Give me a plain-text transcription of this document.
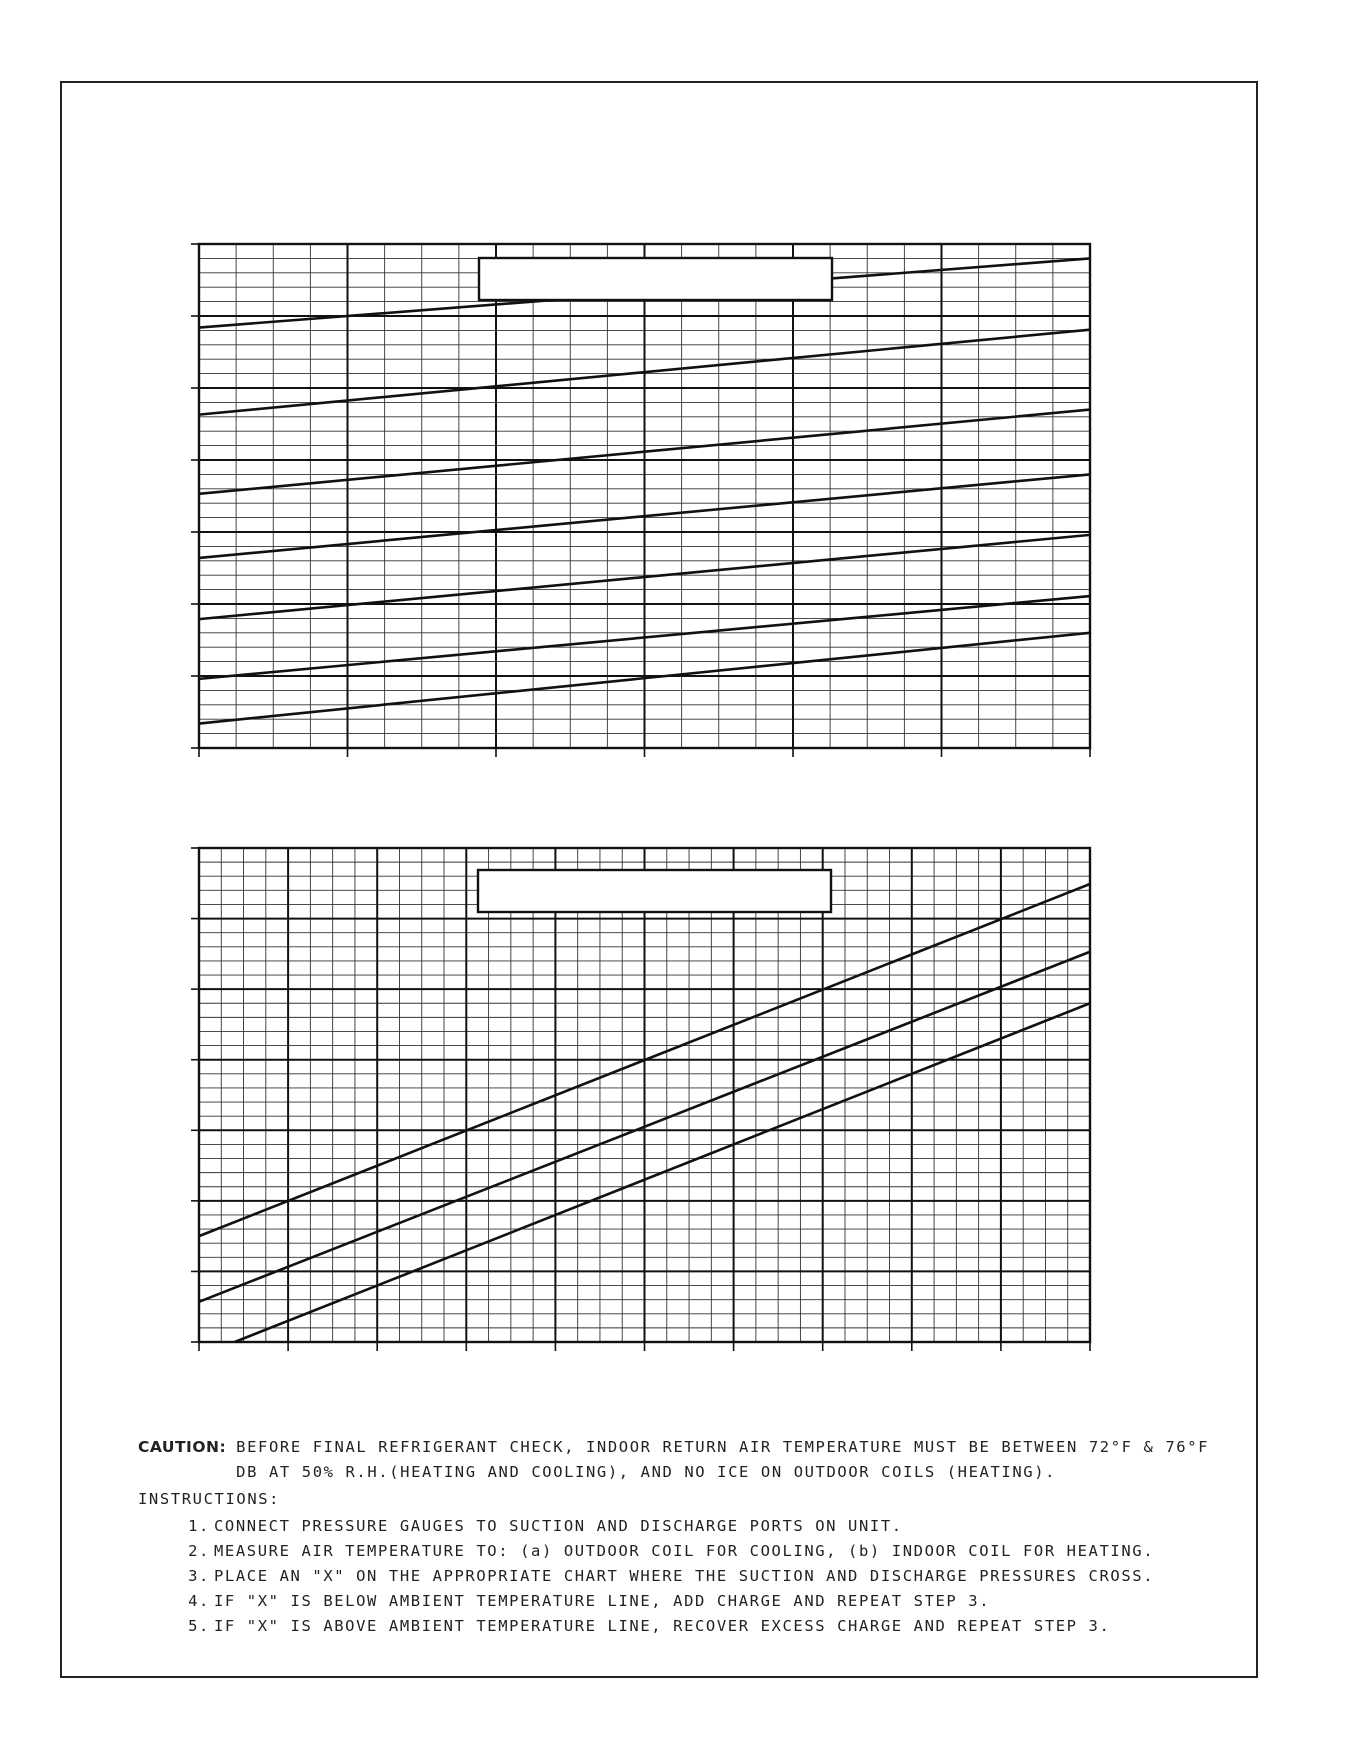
CAUTION: BEFORE FINAL REFRIGERANT CHECK, INDOOR RETURN AIR TEMPERATURE MUST BE BETWEEN 72°F & 76°F
DB AT 50% R.H.(HEATING AND COOLING), AND NO ICE ON OUTDOOR COILS (HEATING).
INSTRUCTIONS:
1. CONNECT PRESSURE GAUGES TO SUCTION AND DISCHARGE PORTS ON UNIT.
2. MEASURE AIR TEMPERATURE TO: (a) OUTDOOR COIL FOR COOLING, (b) INDOOR COIL FOR HEATING.
3. PLACE AN "X" ON THE APPROPRIATE CHART WHERE THE SUCTION AND DISCHARGE PRESSURES CROSS.
4. IF "X" IS BELOW AMBIENT TEMPERATURE LINE, ADD CHARGE AND REPEAT STEP 3.
5. IF "X" IS ABOVE AMBIENT TEMPERATURE LINE, RECOVER EXCESS CHARGE AND REPEAT STEP 3.
